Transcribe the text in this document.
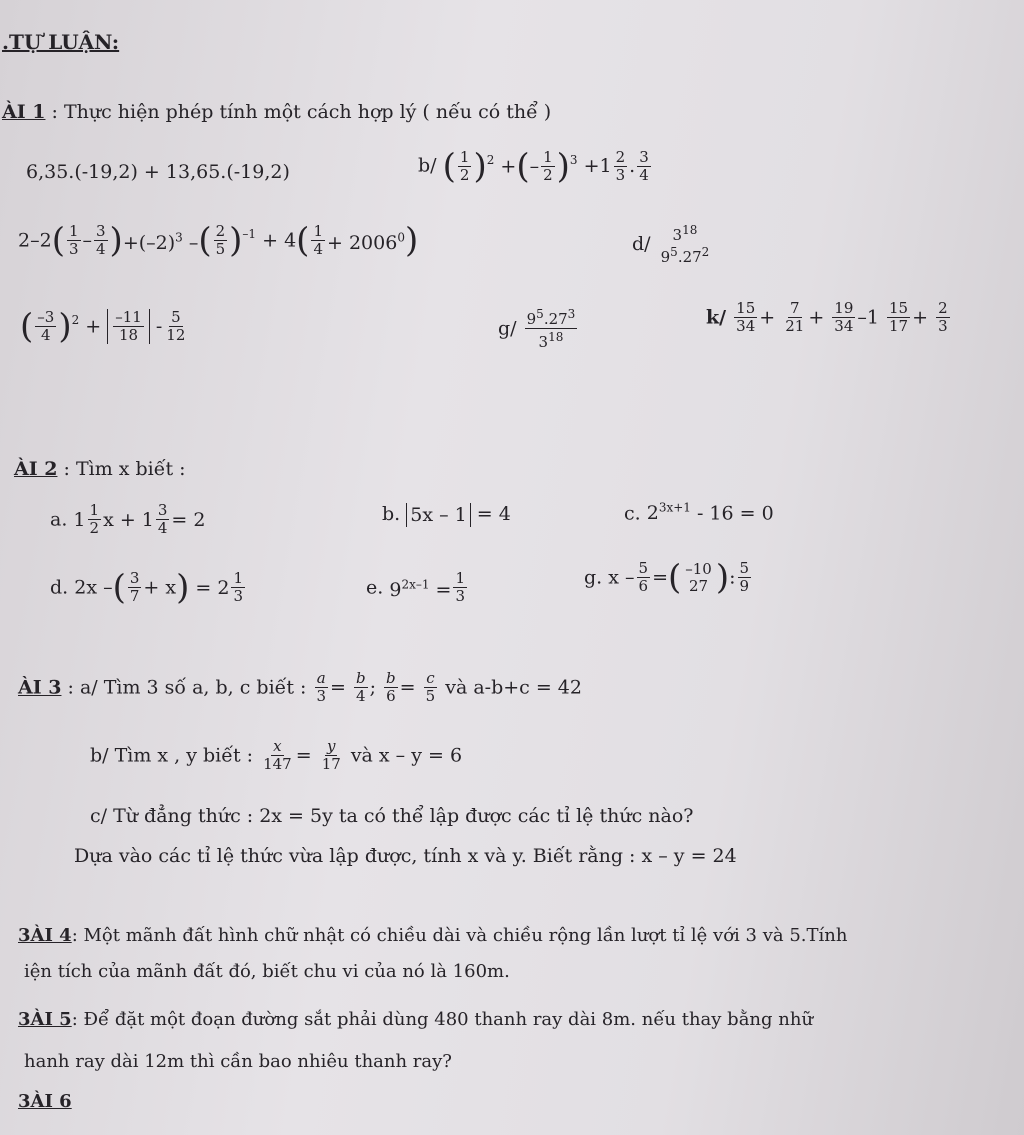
.TỰ LUẬN:
ÀI 1 : Thực hiện phép tính một cách hợp lý ( nếu có thể )
6,35.(-19,2) + 13,65.(-19,2)	b/ ( $\frac{1}{2} )^2$ +(– $\frac{1}{2} )^3 +1 \frac{2}{3}$ . $\frac{3}{4}$
$2-2( \frac{1}{3} - \frac{3}{4} )+(-2)^3$ –( $\frac{2}{5} )^{-1} + 4( \frac{1}{4} + 2006^0)$	d/ $3^{18}$
$9^5.27^2$
( $\frac{-3}{4} )^2 + \frac{-11}{18} - \frac{5}{12}$	$g/ \frac{9^5.27^3}{3^{18}}$	$k/ \frac{15}{34} + \frac{7}{21} + \frac{19}{34} -1 \frac{15}{17} + \frac{2}{3}$
ÀI 2 : Tìm x biết :
a. $1 \frac{1}{2}$ $x + 1 \frac{3}{4} = 2$	b. 5x – 1 = 4	c. $2^{3x+1} - 16 = 0$
d. 2x –( $\frac{3}{7} + x) = 2 \frac{1}{3}$	e. $9^{2x-1} = \frac{1}{3}$	g. x – $\frac{5}{6}$ =( –10
27 ): $\frac{5}{9}$
ÀI 3 : a/ Tìm 3 số a, b, c biết : $\frac{a}{3} = \frac{b}{4}$ ; $\frac{b}{6} = \frac{c}{5}$ và a-b+c = 42
b/ Tìm x , y biết : $\frac{x}{147} = \frac{y}{17}$ và x – y = 6
c/ Từ đẳng thức : 2x = 5y ta có thể lập được các tỉ lệ thức nào?
Dựa vào các tỉ lệ thức vừa lập được, tính x và y. Biết rằng : x – y = 24
3ÀI 4: Một mãnh đất hình chữ nhật có chiều dài và chiều rộng lần lượt tỉ lệ với 3 và 5.Tính
iện tích của mãnh đất đó, biết chu vi của nó là 160m.
3ÀI 5: Để đặt một đoạn đường sắt phải dùng 480 thanh ray dài 8m. nếu thay bằng nhữ
hanh ray dài 12m thì cần bao nhiêu thanh ray?
3ÀI 6
